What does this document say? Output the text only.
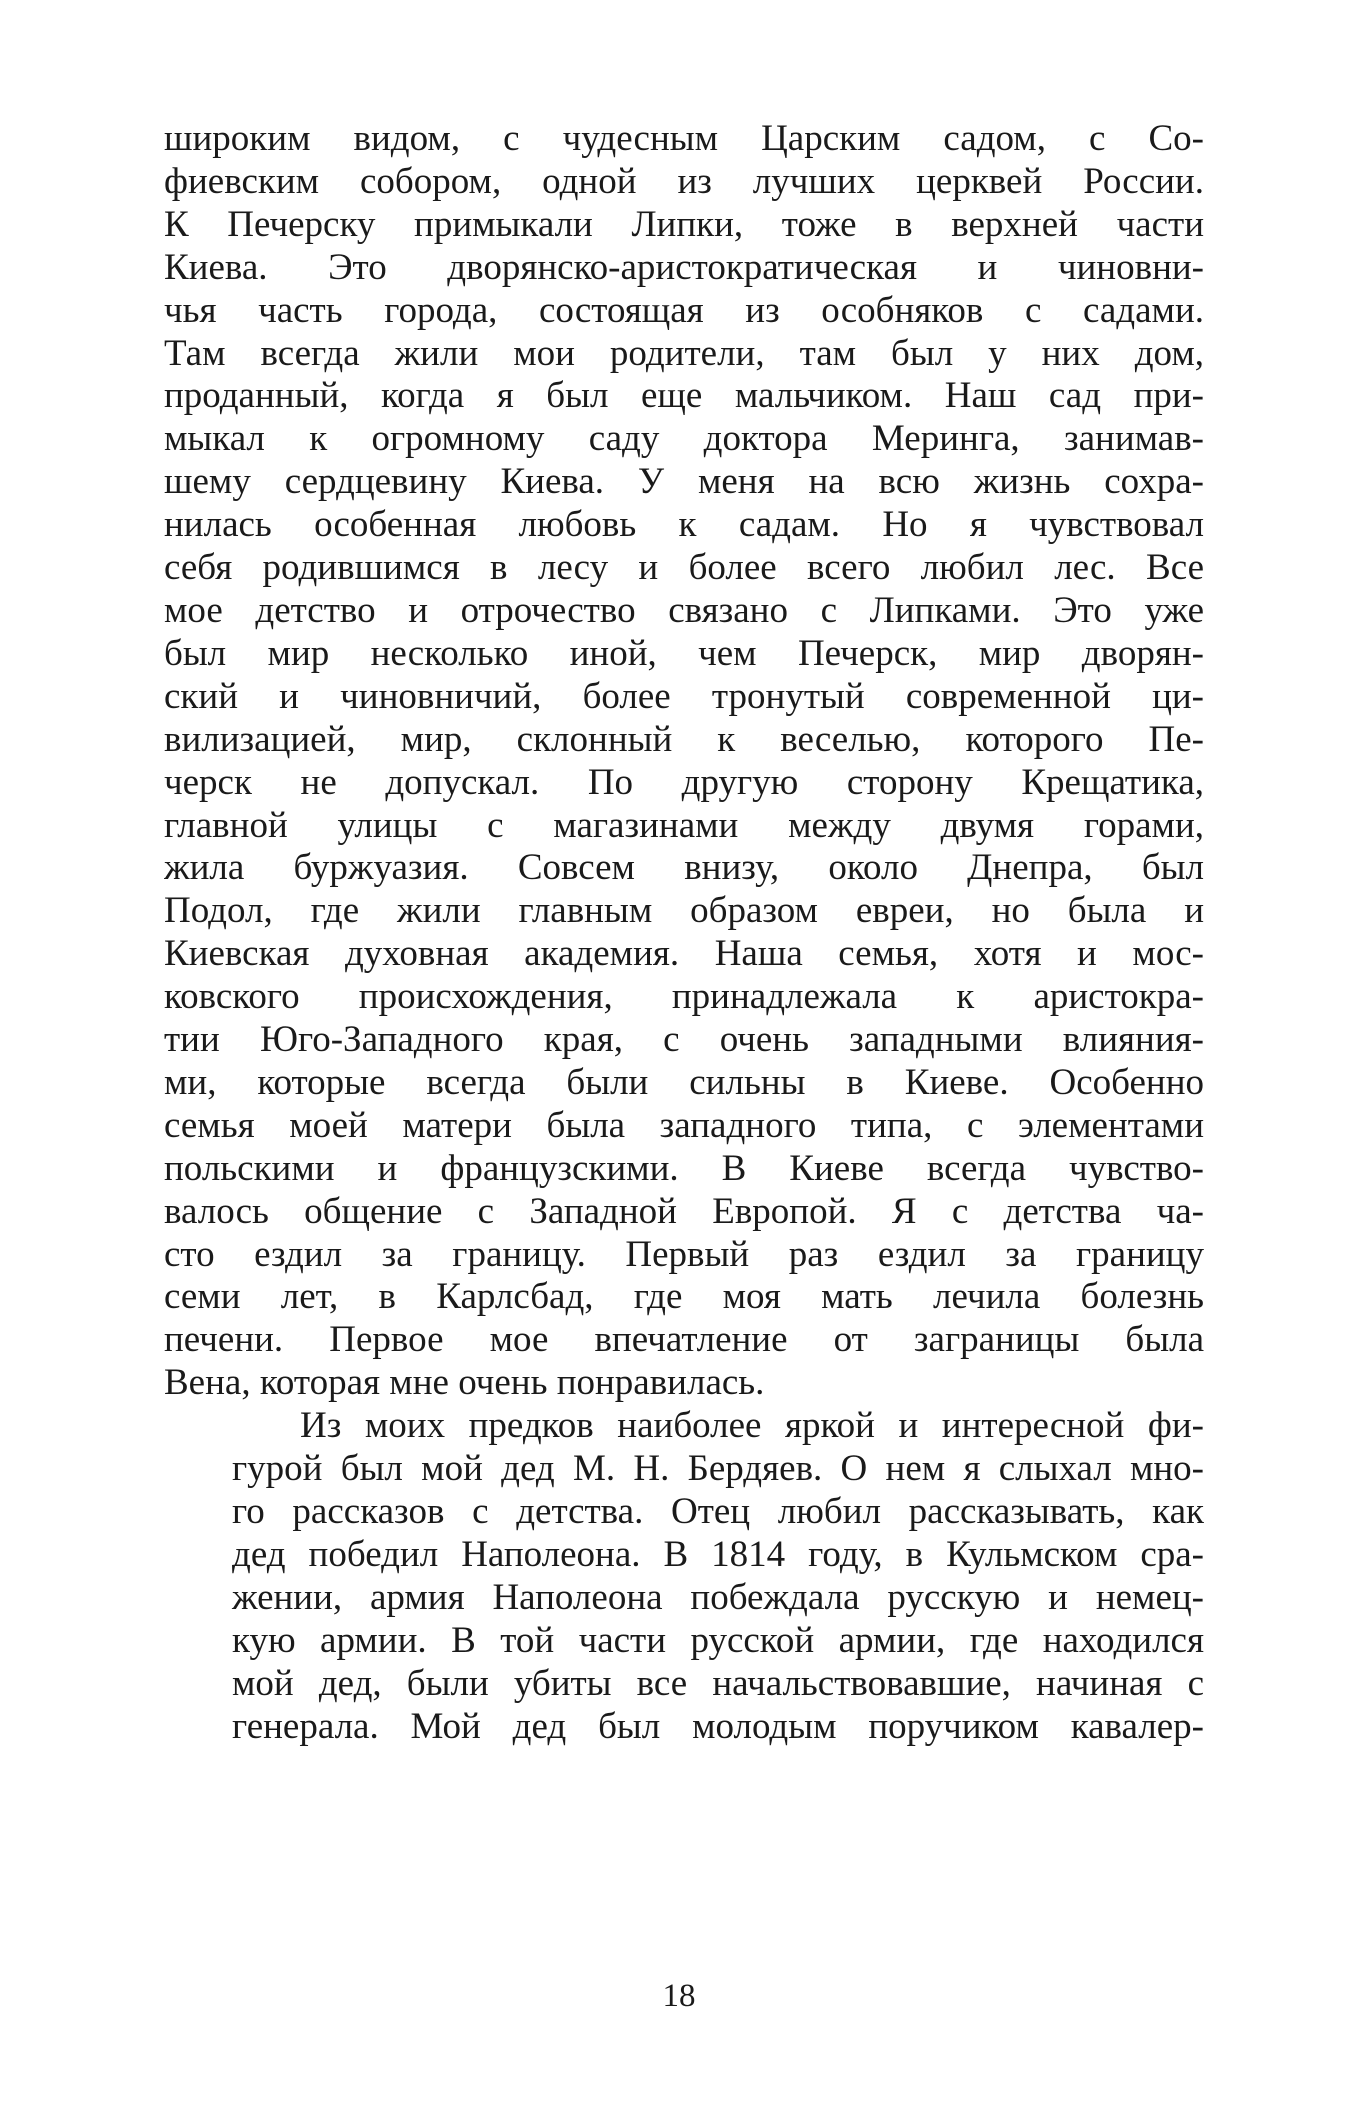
широким видом, с чудесным Царским садом, с Со-
фиевским собором, одной из лучших церквей России.
К Печерску примыкали Липки, тоже в верхней части
Киева. Это дворянско-аристократическая и чиновни-
чья часть города, состоящая из особняков с садами.
Там всегда жили мои родители, там был у них дом,
проданный, когда я был еще мальчиком. Наш сад при-
мыкал к огромному саду доктора Меринга, занимав-
шему сердцевину Киева. У меня на всю жизнь сохра-
нилась особенная любовь к садам. Но я чувствовал
себя родившимся в лесу и более всего любил лес. Все
мое детство и отрочество связано с Липками. Это уже
был мир несколько иной, чем Печерск, мир дворян-
ский и чиновничий, более тронутый современной ци-
вилизацией, мир, склонный к веселью, которого Пе-
черск не допускал. По другую сторону Крещатика,
главной улицы с магазинами между двумя горами,
жила буржуазия. Совсем внизу, около Днепра, был
Подол, где жили главным образом евреи, но была и
Киевская духовная академия. Наша семья, хотя и мос-
ковского происхождения, принадлежала к аристокра-
тии Юго-Западного края, с очень западными влияния-
ми, которые всегда были сильны в Киеве. Особенно
семья моей матери была западного типа, с элементами
польскими и французскими. В Киеве всегда чувство-
валось общение с Западной Европой. Я с детства ча-
сто ездил за границу. Первый раз ездил за границу
семи лет, в Карлсбад, где моя мать лечила болезнь
печени. Первое мое впечатление от заграницы была
Вена, которая мне очень понравилась.

Из моих предков наиболее яркой и интересной фи-
гурой был мой дед М. Н. Бердяев. О нем я слыхал мно-
го рассказов с детства. Отец любил рассказывать, как
дед победил Наполеона. В 1814 году, в Кульмском сра-
жении, армия Наполеона побеждала русскую и немец-
кую армии. В той части русской армии, где находился
мой дед, были убиты все начальствовавшие, начиная с
генерала. Мой дед был молодым поручиком кавалер-

18
